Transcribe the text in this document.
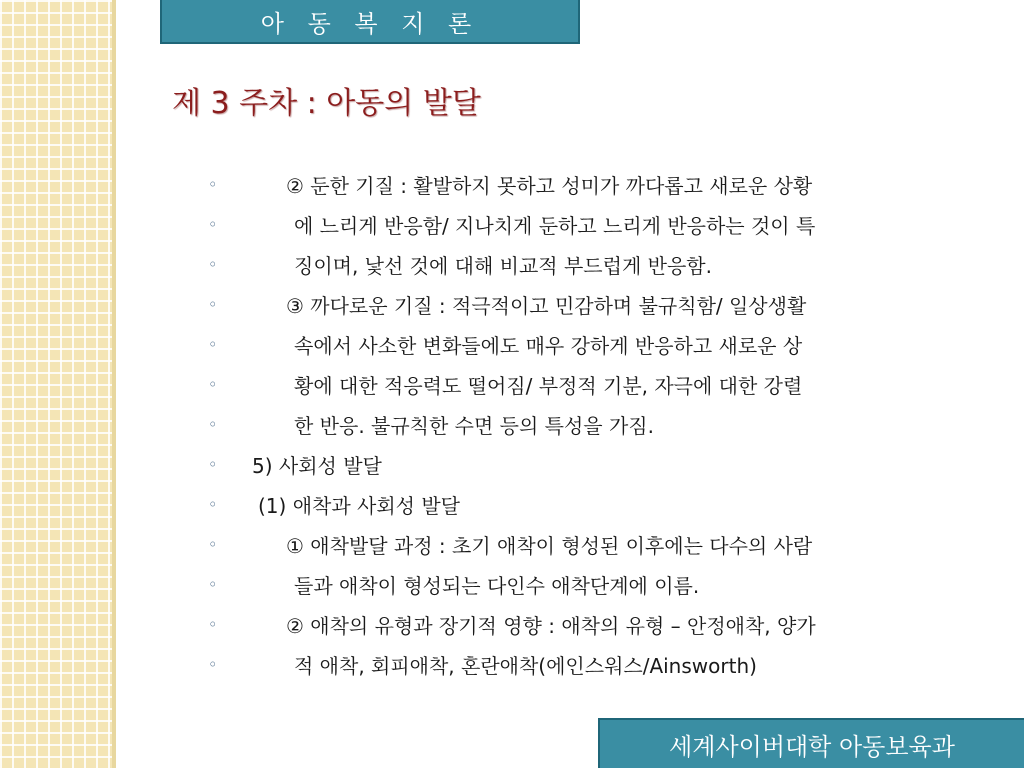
아 동 복 지 론
제 3 주차 : 아동의 발달
◦	② 둔한 기질 : 활발하지 못하고 성미가 까다롭고 새로운 상황
◦	에 느리게 반응함/ 지나치게 둔하고 느리게 반응하는 것이 특
◦	징이며, 낯선 것에 대해 비교적 부드럽게 반응함.
◦	③ 까다로운 기질 : 적극적이고 민감하며 불규칙함/ 일상생활
◦	속에서 사소한 변화들에도 매우 강하게 반응하고 새로운 상
◦	황에 대한 적응력도 떨어짐/ 부정적 기분, 자극에 대한 강렬
◦	한 반응. 불규칙한 수면 등의 특성을 가짐.
◦	5) 사회성 발달
◦	(1) 애착과 사회성 발달
◦	① 애착발달 과정 : 초기 애착이 형성된 이후에는 다수의 사람
◦	들과 애착이 형성되는 다인수 애착단계에 이름.
◦	② 애착의 유형과 장기적 영향 : 애착의 유형 – 안정애착, 양가
◦	적 애착, 회피애착, 혼란애착(에인스워스/Ainsworth)
세계사이버대학 아동보육과
